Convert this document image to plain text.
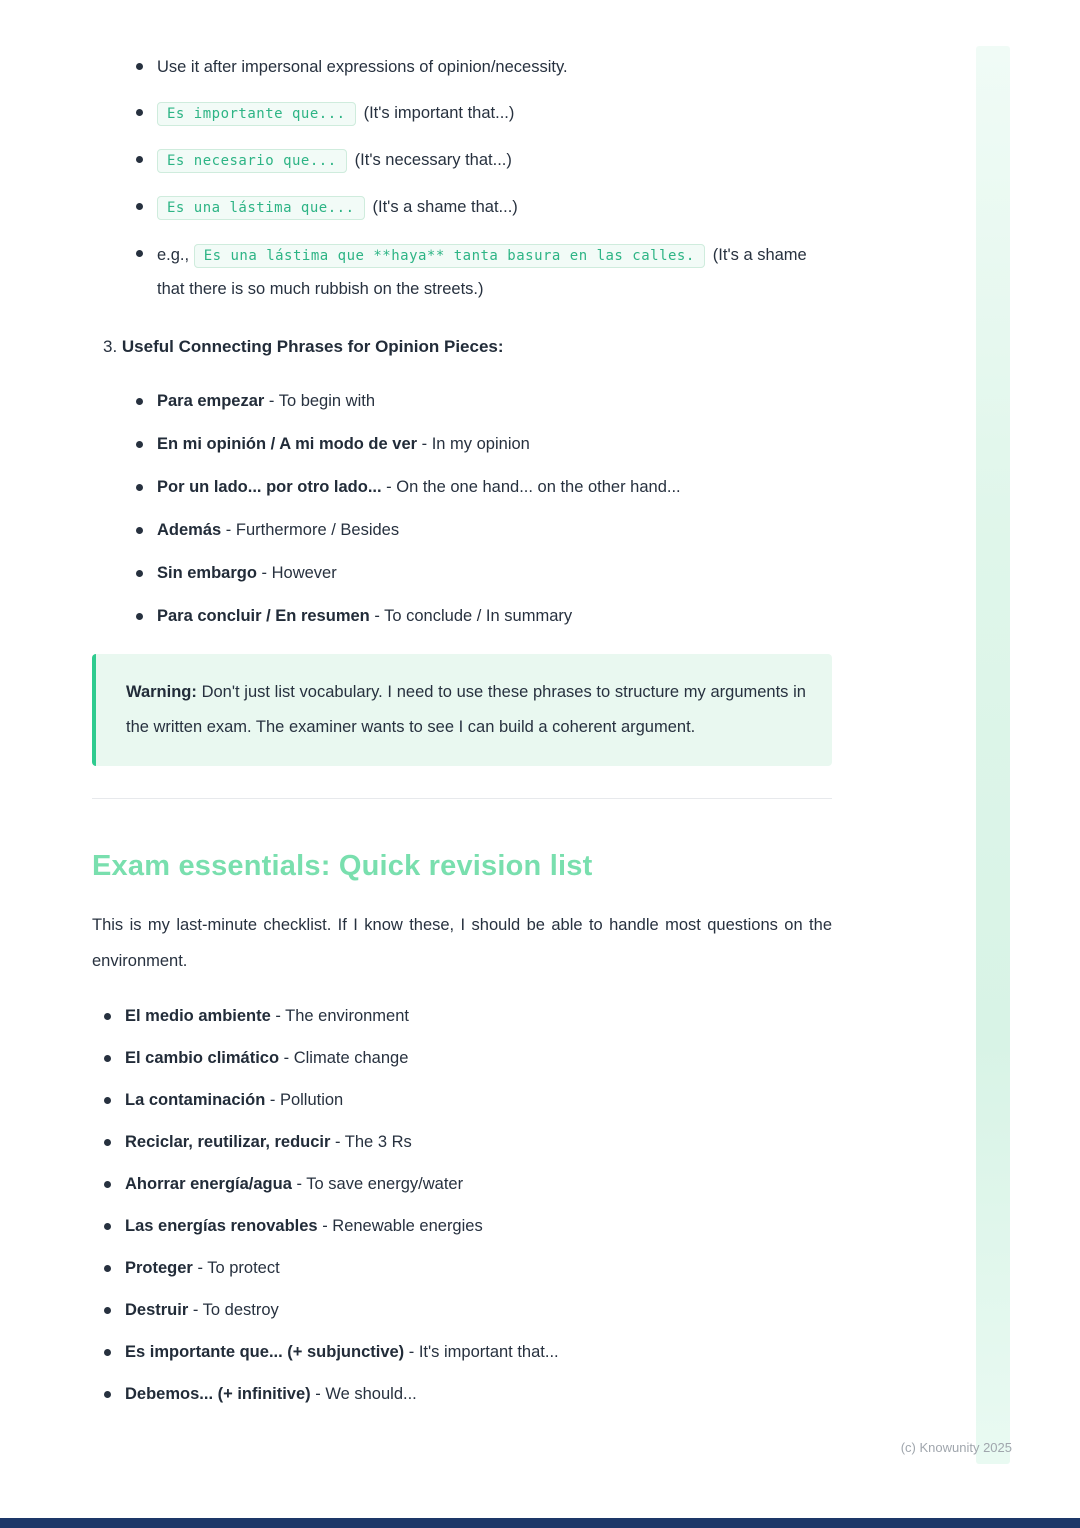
Use it after impersonal expressions of opinion/necessity.
Es importante que... (It's important that...)
Es necesario que... (It's necessary that...)
Es una lástima que... (It's a shame that...)
e.g., Es una lástima que **haya** tanta basura en las calles. (It's a shame that there is so much rubbish on the streets.)
3. Useful Connecting Phrases for Opinion Pieces:
Para empezar - To begin with
En mi opinión / A mi modo de ver - In my opinion
Por un lado... por otro lado... - On the one hand... on the other hand...
Además - Furthermore / Besides
Sin embargo - However
Para concluir / En resumen - To conclude / In summary
Warning: Don't just list vocabulary. I need to use these phrases to structure my arguments in the written exam. The examiner wants to see I can build a coherent argument.
Exam essentials: Quick revision list

This is my last-minute checklist. If I know these, I should be able to handle most questions on the environment.

El medio ambiente - The environment
El cambio climático - Climate change
La contaminación - Pollution
Reciclar, reutilizar, reducir - The 3 Rs
Ahorrar energía/agua - To save energy/water
Las energías renovables - Renewable energies
Proteger - To protect
Destruir - To destroy
Es importante que... (+ subjunctive) - It's important that...
Debemos... (+ infinitive) - We should...
(c) Knowunity 2025
